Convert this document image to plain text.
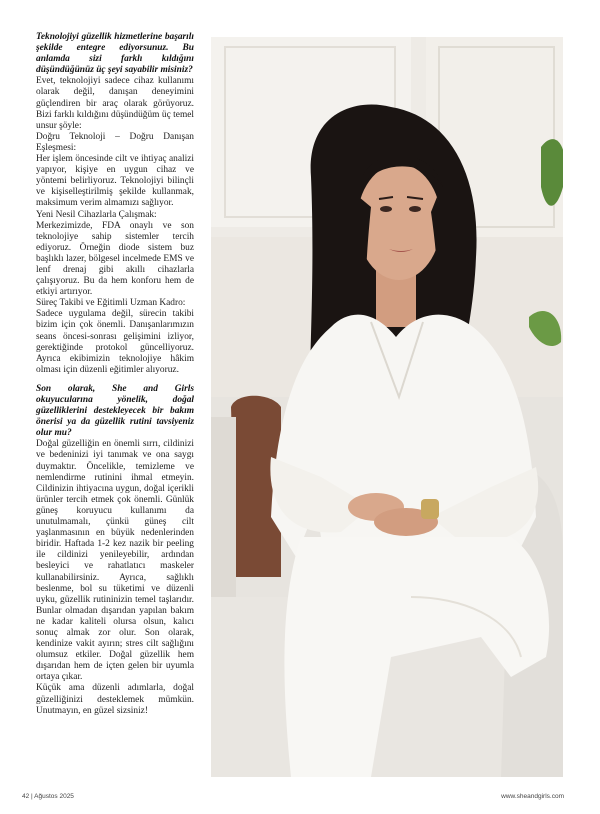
Teknolojiyi güzellik hizmetlerine başarılı şekilde entegre ediyorsunuz. Bu anlamda sizi farklı kıldığını düşündüğünüz üç şeyi sayabilir misiniz?

Evet, teknolojiyi sadece cihaz kullanımı olarak değil, danışan deneyimini güçlendiren bir araç olarak görüyoruz. Bizi farklı kıldığını düşündüğüm üç temel unsur şöyle:

Doğru Teknoloji – Doğru Danışan Eşleşmesi:

Her işlem öncesinde cilt ve ihtiyaç analizi yapıyor, kişiye en uygun cihaz ve yöntemi belirliyoruz. Teknolojiyi bilinçli ve kişiselleştirilmiş şekilde kullanmak, maksimum verim almamızı sağlıyor.

Yeni Nesil Cihazlarla Çalışmak:

Merkezimizde, FDA onaylı ve son teknolojiye sahip sistemler tercih ediyoruz. Örneğin diode sistem buz başlıklı lazer, bölgesel incelmede EMS ve lenf drenaj gibi akıllı cihazlarla çalışıyoruz. Bu da hem konforu hem de etkiyi artırıyor.

Süreç Takibi ve Eğitimli Uzman Kadro:

Sadece uygulama değil, sürecin takibi bizim için çok önemli. Danışanlarımızın seans öncesi-sonrası gelişimini izliyor, gerektiğinde protokol güncelliyoruz. Ayrıca ekibimizin teknolojiye hâkim olması için düzenli eğitimler alıyoruz.

Son olarak, She and Girls okuyucularına yönelik, doğal güzelliklerini destekleyecek bir bakım önerisi ya da güzellik rutini tavsiyeniz olur mu?

Doğal güzelliğin en önemli sırrı, cildinizi ve bedeninizi iyi tanımak ve ona saygı duymaktır. Öncelikle, temizleme ve nemlendirme rutinini ihmal etmeyin. Cildinizin ihtiyacına uygun, doğal içerikli ürünler tercih etmek çok önemli. Günlük güneş koruyucu kullanımı da unutulmamalı, çünkü güneş cilt yaşlanmasının en büyük nedenlerinden biridir. Haftada 1-2 kez nazik bir peeling ile cildinizi yenileyebilir, ardından besleyici ve rahatlatıcı maskeler kullanabilirsiniz. Ayrıca, sağlıklı beslenme, bol su tüketimi ve düzenli uyku, güzellik rutininizin temel taşlarıdır. Bunlar olmadan dışarıdan yapılan bakım ne kadar kaliteli olursa olsun, kalıcı sonuç almak zor olur. Son olarak, kendinize vakit ayırın; stres cilt sağlığını olumsuz etkiler. Doğal güzellik hem dışarıdan hem de içten gelen bir uyumla ortaya çıkar.

Küçük ama düzenli adımlarla, doğal güzelliğinizi desteklemek mümkün. Unutmayın, en güzel sizsiniz!

42 | Ağustos 2025	www.sheandgirls.com
